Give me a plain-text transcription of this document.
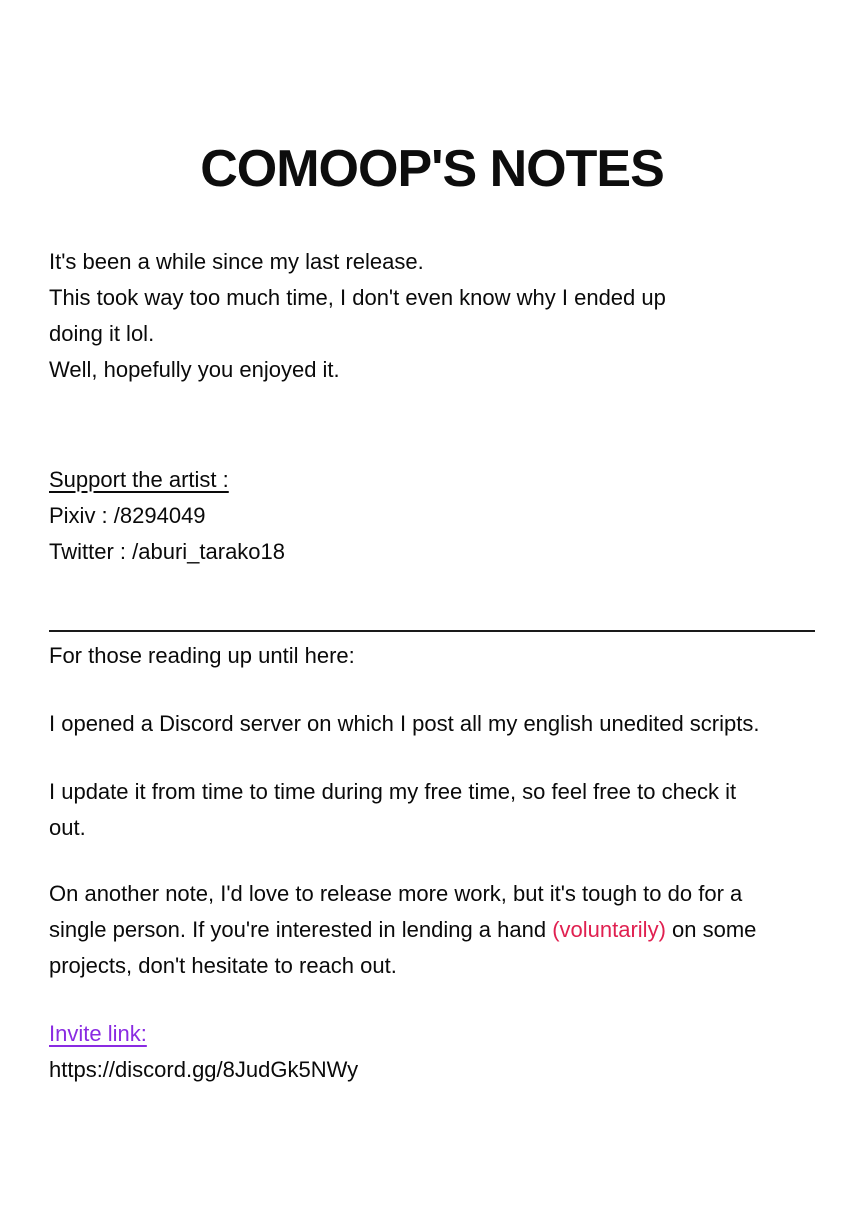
COMOOP'S NOTES
It's been a while since my last release.
This took way too much time, I don't even know why I ended up
doing it lol.
Well, hopefully you enjoyed it.
Support the artist :
Pixiv : /8294049
Twitter : /aburi_tarako18
For those reading up until here:
I opened a Discord server on which I post all my english unedited scripts.
I update it from time to time during my free time, so feel free to check it
out.
On another note, I'd love to release more work, but it's tough to do for a
single person. If you're interested in lending a hand (voluntarily) on some
projects, don't hesitate to reach out.
Invite link:
https://discord.gg/8JudGk5NWy
